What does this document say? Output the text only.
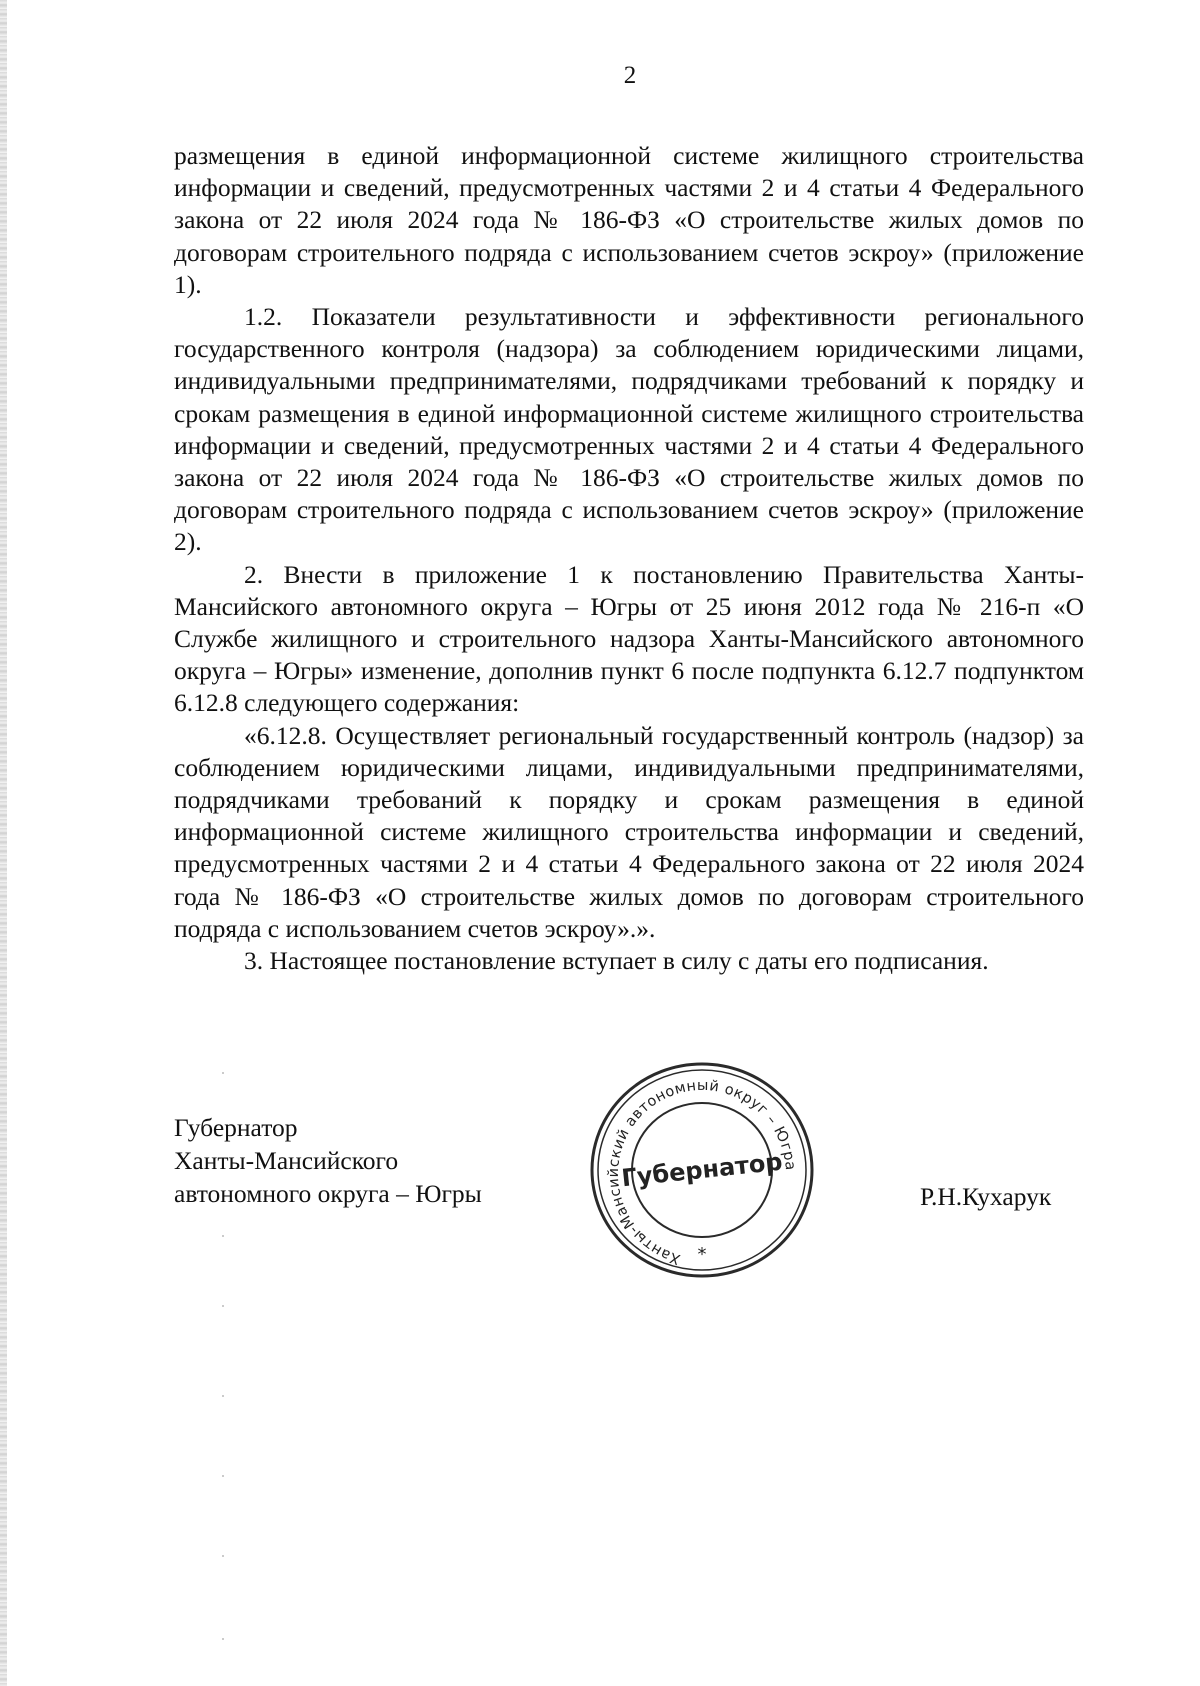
2

размещения в единой информационной системе жилищного строительства информации и сведений, предусмотренных частями 2 и 4 статьи 4 Федерального закона от 22 июля 2024 года № 186-ФЗ «О строительстве жилых домов по договорам строительного подряда с использованием счетов эскроу» (приложение 1).

1.2. Показатели результативности и эффективности регионального государственного контроля (надзора) за соблюдением юридическими лицами, индивидуальными предпринимателями, подрядчиками требований к порядку и срокам размещения в единой информационной системе жилищного строительства информации и сведений, предусмотренных частями 2 и 4 статьи 4 Федерального закона от 22 июля 2024 года № 186-ФЗ «О строительстве жилых домов по договорам строительного подряда с использованием счетов эскроу» (приложение 2).

2. Внести в приложение 1 к постановлению Правительства Ханты-Мансийского автономного округа – Югры от 25 июня 2012 года № 216-п «О Службе жилищного и строительного надзора Ханты-Мансийского автономного округа – Югры» изменение, дополнив пункт 6 после подпункта 6.12.7 подпунктом 6.12.8 следующего содержания:

«6.12.8. Осуществляет региональный государственный контроль (надзор) за соблюдением юридическими лицами, индивидуальными предпринимателями, подрядчиками требований к порядку и срокам размещения в единой информационной системе жилищного строительства информации и сведений, предусмотренных частями 2 и 4 статьи 4 Федерального закона от 22 июля 2024 года № 186-ФЗ «О строительстве жилых домов по договорам строительного подряда с использованием счетов эскроу».».

3. Настоящее постановление вступает в силу с даты его подписания.

Губернатор
Ханты-Мансийского
автономного округа – Югры
Ханты-Мансийский автономный округ – Югра
Губернатор
*
Р.Н.Кухарук
